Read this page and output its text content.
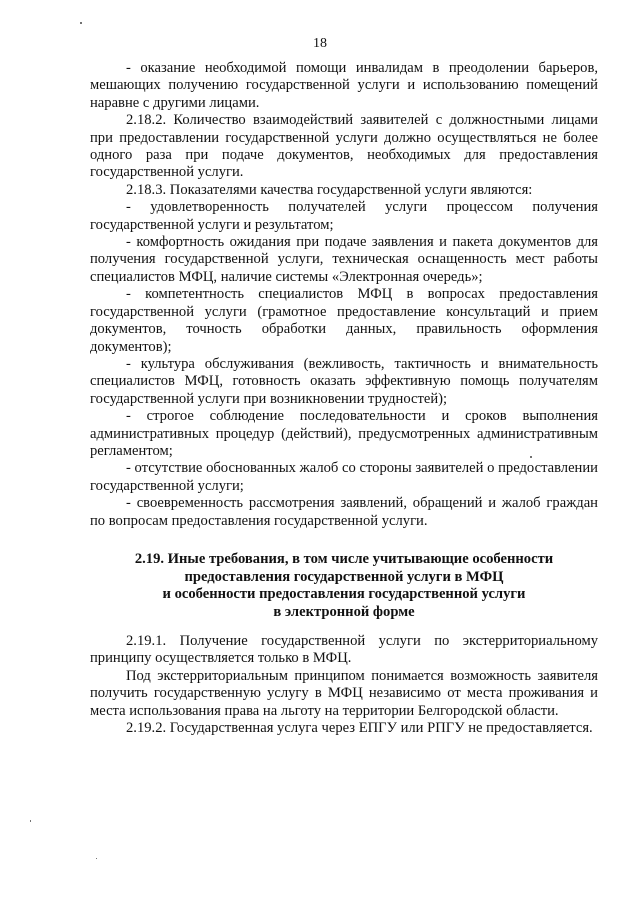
18

- оказание необходимой помощи инвалидам в преодолении барьеров, мешающих получению государственной услуги и использованию помещений наравне с другими лицами.

2.18.2. Количество взаимодействий заявителей с должностными лицами при предоставлении государственной услуги должно осуществляться не более одного раза при подаче документов, необходимых для предоставления государственной услуги.

2.18.3. Показателями качества государственной услуги являются:

- удовлетворенность получателей услуги процессом получения государственной услуги и результатом;

- комфортность ожидания при подаче заявления и пакета документов для получения государственной услуги, техническая оснащенность мест работы специалистов МФЦ, наличие системы «Электронная очередь»;

- компетентность специалистов МФЦ в вопросах предоставления государственной услуги (грамотное предоставление консультаций и прием документов, точность обработки данных, правильность оформления документов);

- культура обслуживания (вежливость, тактичность и внимательность специалистов МФЦ, готовность оказать эффективную помощь получателям государственной услуги при возникновении трудностей);

- строгое соблюдение последовательности и сроков выполнения административных процедур (действий), предусмотренных административным регламентом;

- отсутствие обоснованных жалоб со стороны заявителей о предоставлении государственной услуги;

- своевременность рассмотрения заявлений, обращений и жалоб граждан по вопросам предоставления государственной услуги.

2.19. Иные требования, в том числе учитывающие особенности
предоставления государственной услуги в МФЦ
и особенности предоставления государственной услуги
в электронной форме

2.19.1. Получение государственной услуги по экстерриториальному принципу осуществляется только в МФЦ.

Под экстерриториальным принципом понимается возможность заявителя получить государственную услугу в МФЦ независимо от места проживания и места использования права на льготу на территории Белгородской области.

2.19.2. Государственная услуга через ЕПГУ или РПГУ не предоставляется.
